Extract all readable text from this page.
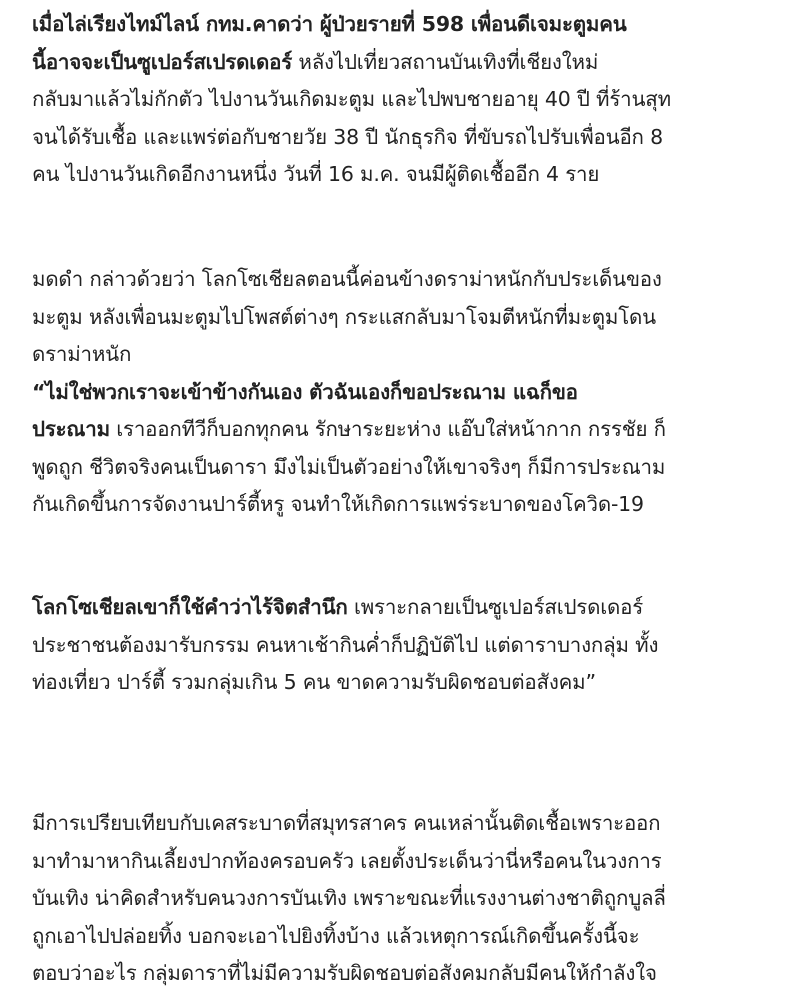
เมื่อไล่เรียงไทม์ไลน์ กทม.คาดว่า ผู้ป่วยรายที่ 598 เพื่อนดีเจมะตูมคน
นี้อาจจะเป็นซูเปอร์สเปรดเดอร์ หลังไปเที่ยวสถานบันเทิงที่เชียงใหม่
กลับมาแล้วไม่กักตัว ไปงานวันเกิดมะตูม และไปพบชายอายุ 40 ปี ที่ร้านสุท
จนได้รับเชื้อ และแพร่ต่อกับชายวัย 38 ปี นักธุรกิจ ที่ขับรถไปรับเพื่อนอีก 8
คน ไปงานวันเกิดอีกงานหนึ่ง วันที่ 16 ม.ค. จนมีผู้ติดเชื้ออีก 4 ราย
มดดำ กล่าวด้วยว่า โลกโซเชียลตอนนี้ค่อนข้างดราม่าหนักกับประเด็นของ
มะตูม หลังเพื่อนมะตูมไปโพสต์ต่างๆ กระแสกลับมาโจมตีหนักที่มะตูมโดน
ดราม่าหนัก
“ไม่ใช่พวกเราจะเข้าข้างกันเอง ตัวฉันเองก็ขอประณาม แฉก็ขอ
ประณาม เราออกทีวีก็บอกทุกคน รักษาระยะห่าง แอ๊บใส่หน้ากาก กรรชัย ก็
พูดถูก ชีวิตจริงคนเป็นดารา มึงไม่เป็นตัวอย่างให้เขาจริงๆ ก็มีการประณาม
กันเกิดขึ้นการจัดงานปาร์ตี้หรู จนทำให้เกิดการแพร่ระบาดของโควิด-19
โลกโซเชียลเขาก็ใช้คำว่าไร้จิตสำนึก เพราะกลายเป็นซูเปอร์สเปรดเดอร์
ประชาชนต้องมารับกรรม คนหาเช้ากินค่ำก็ปฏิบัติไป แต่ดาราบางกลุ่ม ทั้ง
ท่องเที่ยว ปาร์ตี้ รวมกลุ่มเกิน 5 คน ขาดความรับผิดชอบต่อสังคม”
มีการเปรียบเทียบกับเคสระบาดที่สมุทรสาคร คนเหล่านั้นติดเชื้อเพราะออก
มาทำมาหากินเลี้ยงปากท้องครอบครัว เลยตั้งประเด็นว่านี่หรือคนในวงการ
บันเทิง น่าคิดสำหรับคนวงการบันเทิง เพราะขณะที่แรงงานต่างชาติถูกบูลลี่
ถูกเอาไปปล่อยทิ้ง บอกจะเอาไปยิงทิ้งบ้าง แล้วเหตุการณ์เกิดขึ้นครั้งนี้จะ
ตอบว่าอะไร กลุ่มดาราที่ไม่มีความรับผิดชอบต่อสังคมกลับมีคนให้กำลังใจ
